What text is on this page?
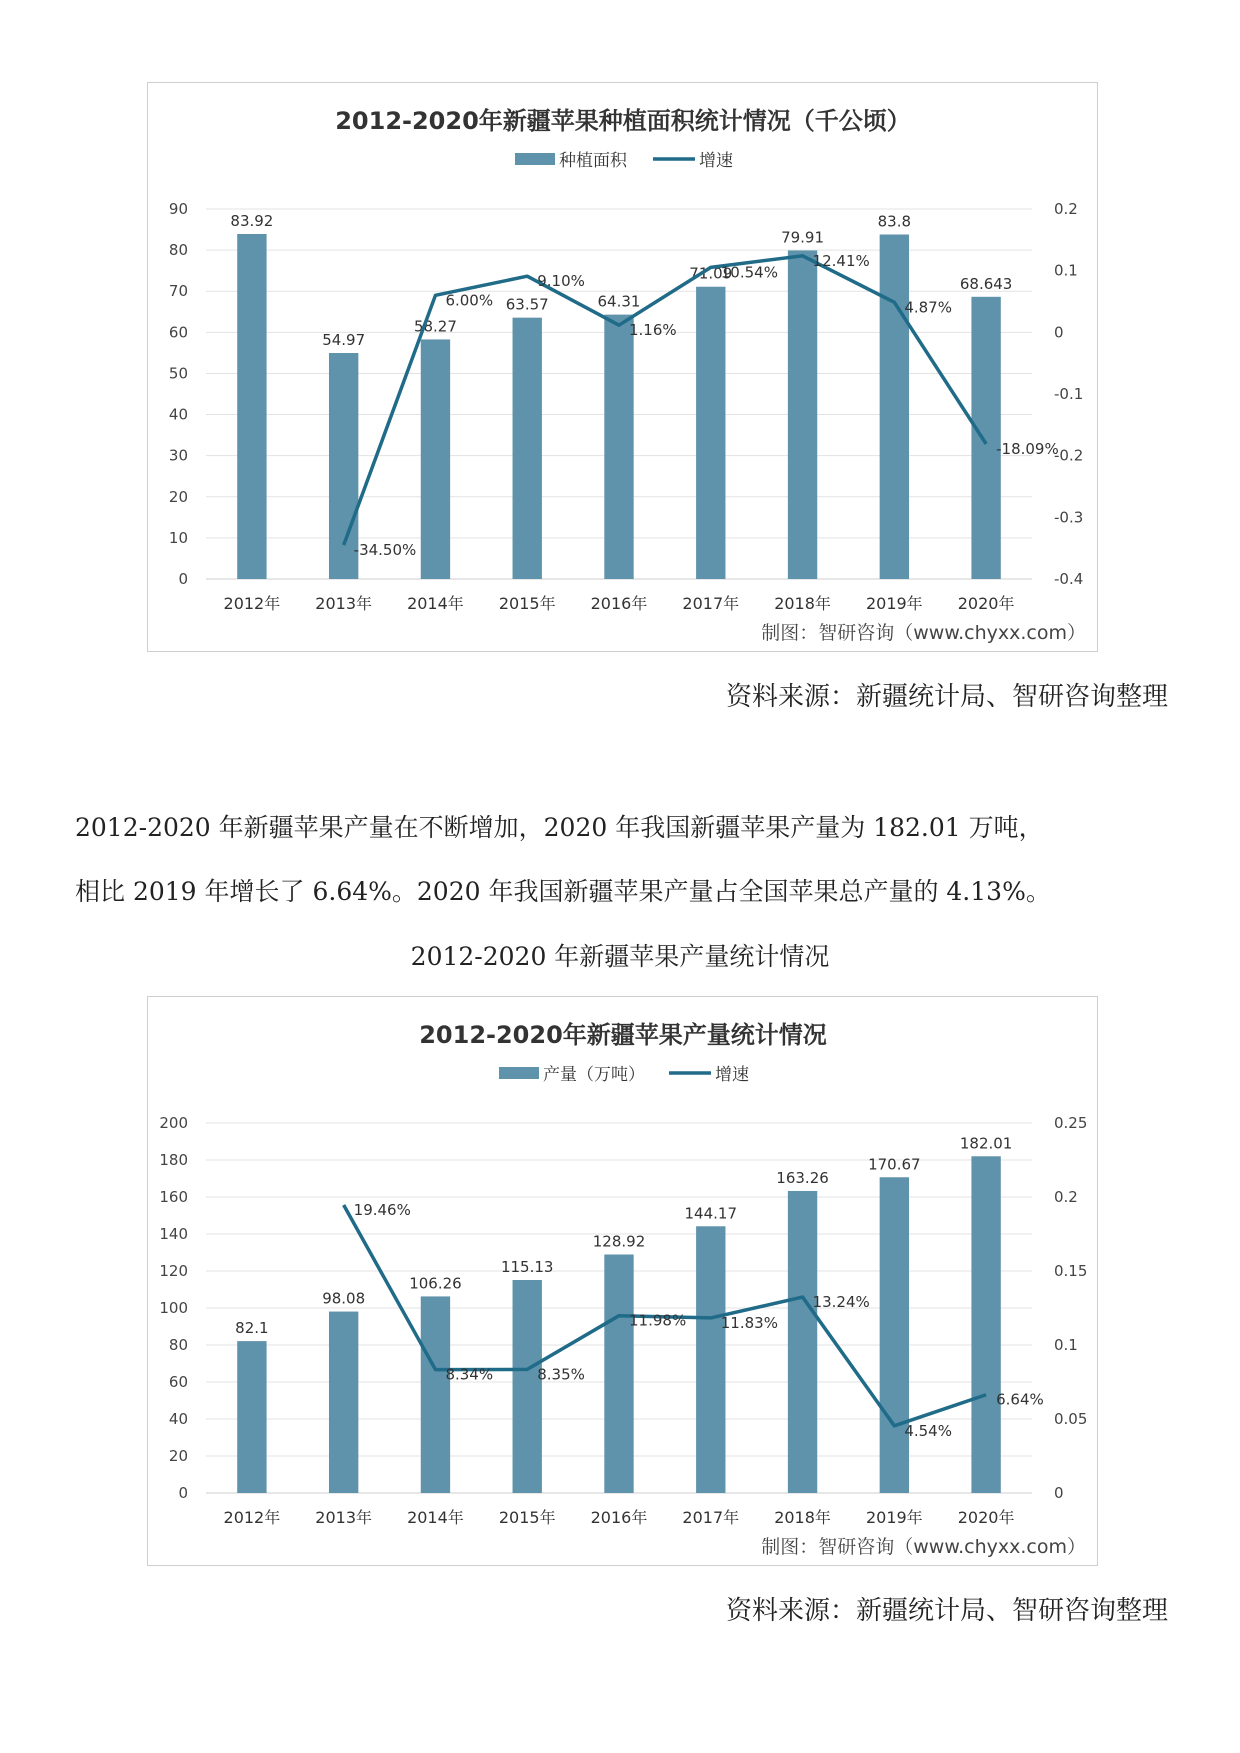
2012-2020年新疆苹果种植面积统计情况（千公顷）
种植面积	增速
0
10
20
30
40
50
60
70
80
90
-0.4
-0.3
-0.2
-0.1
0
0.1
0.2
83.92
2012年
54.97
2013年
58.27
2014年
63.57
2015年
64.31
2016年
71.09
2017年
79.91
2018年
83.8
2019年
68.643
2020年
-34.50%
6.00%
9.10%
1.16%
10.54%
12.41%
4.87%
-18.09%
制图：智研咨询（www.chyxx.com）
资料来源：新疆统计局、智研咨询整理
2012-2020 年新疆苹果产量在不断增加，2020 年我国新疆苹果产量为 182.01 万吨，
相比 2019 年增长了 6.64%。2020 年我国新疆苹果产量占全国苹果总产量的 4.13%。
2012-2020 年新疆苹果产量统计情况
2012-2020年新疆苹果产量统计情况
产量（万吨）	增速
0
20
40
60
80
100
120
140
160
180
200
0
0.05
0.1
0.15
0.2
0.25
82.1
2012年
98.08
2013年
106.26
2014年
115.13
2015年
128.92
2016年
144.17
2017年
163.26
2018年
170.67
2019年
182.01
2020年
19.46%
8.34%	8.35%
11.98% 11.83%
13.24%
4.54%
6.64%
制图：智研咨询（www.chyxx.com）
资料来源：新疆统计局、智研咨询整理
